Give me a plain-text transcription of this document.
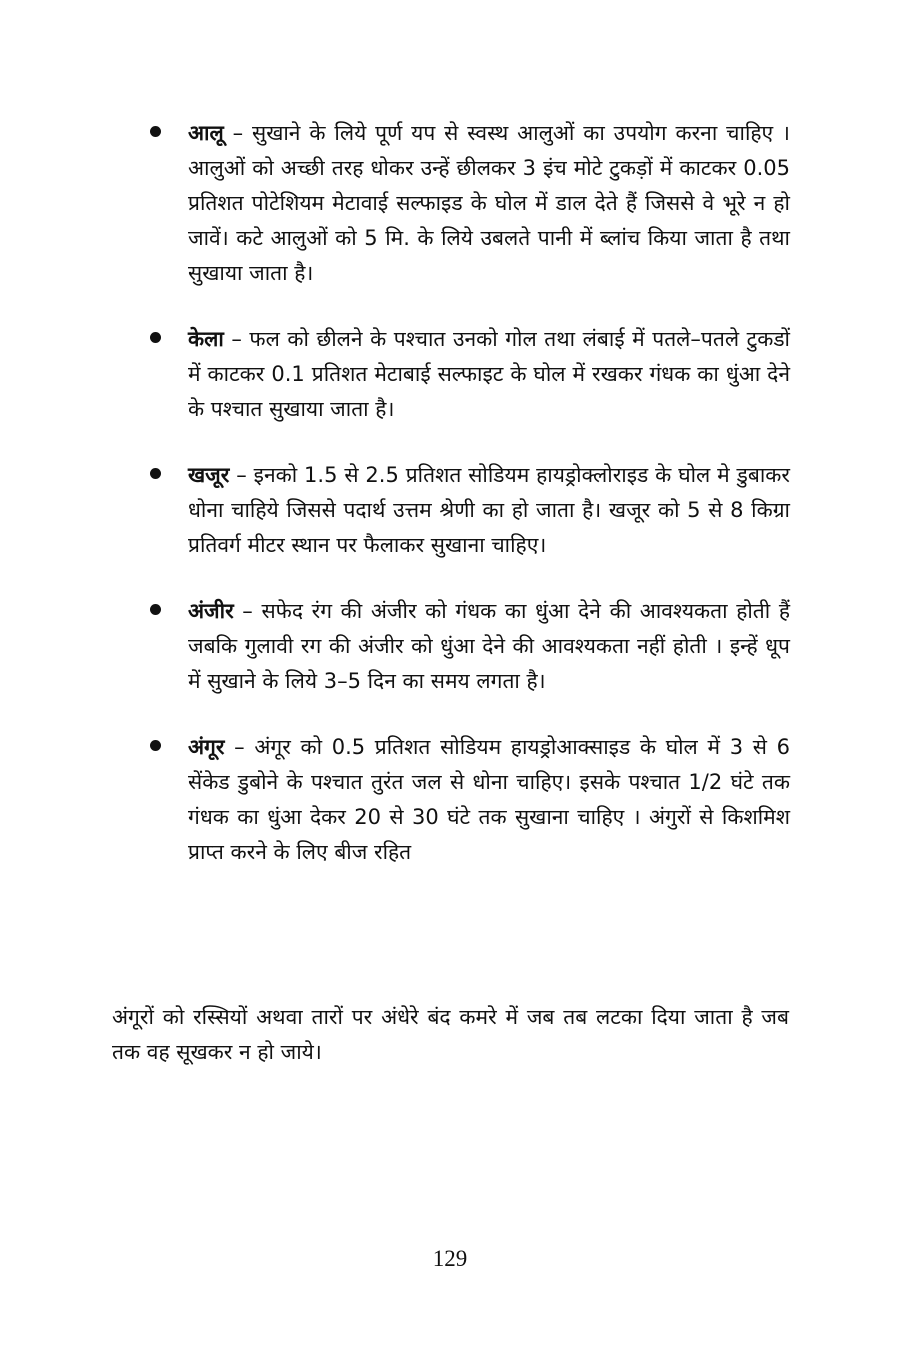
आलू – सुखाने के लिये पूर्ण यप से स्वस्थ आलुओं का उपयोग करना चाहिए । आलुओं को अच्छी तरह धोकर उन्हें छीलकर 3 इंच मोटे टुकड़ों में काटकर 0.05 प्रतिशत पोटेशियम मेटावाई सल्फाइड के घोल में डाल देते हैं जिससे वे भूरे न हो जावें। कटे आलुओं को 5 मि. के लिये उबलते पानी में ब्लांच किया जाता है तथा सुखाया जाता है।

केला – फल को छीलने के पश्चात उनको गोल तथा लंबाई में पतले–पतले टुकडों में काटकर 0.1 प्रतिशत मेटाबाई सल्फाइट के घोल में रखकर गंधक का धुंआ देने के पश्चात सुखाया जाता है।

खजूर – इनको 1.5 से 2.5 प्रतिशत सोडियम हायड्रोक्लोराइड के घोल मे डुबाकर धोना चाहिये जिससे पदार्थ उत्तम श्रेणी का हो जाता है। खजूर को 5 से 8 किग्रा प्रतिवर्ग मीटर स्थान पर फैलाकर सुखाना चाहिए।

अंजीर – सफेद रंग की अंजीर को गंधक का धुंआ देने की आवश्यकता होती हैं जबकि गुलावी रग की अंजीर को धुंआ देने की आवश्यकता नहीं होती । इन्हें धूप में सुखाने के लिये 3–5 दिन का समय लगता है।

अंगूर – अंगूर को 0.5 प्रतिशत सोडियम हायड्रोआक्साइड के घोल में 3 से 6 सेंकेड डुबोने के पश्चात तुरंत जल से धोना चाहिए। इसके पश्चात 1/2 घंटे तक गंधक का धुंआ देकर 20 से 30 घंटे तक सुखाना चाहिए । अंगुरों से किशमिश प्राप्त करने के लिए बीज रहित

अंगूरों को रस्सियों अथवा तारों पर अंधेरे बंद कमरे में जब तब लटका दिया जाता है जब तक वह सूखकर न हो जाये।

129
